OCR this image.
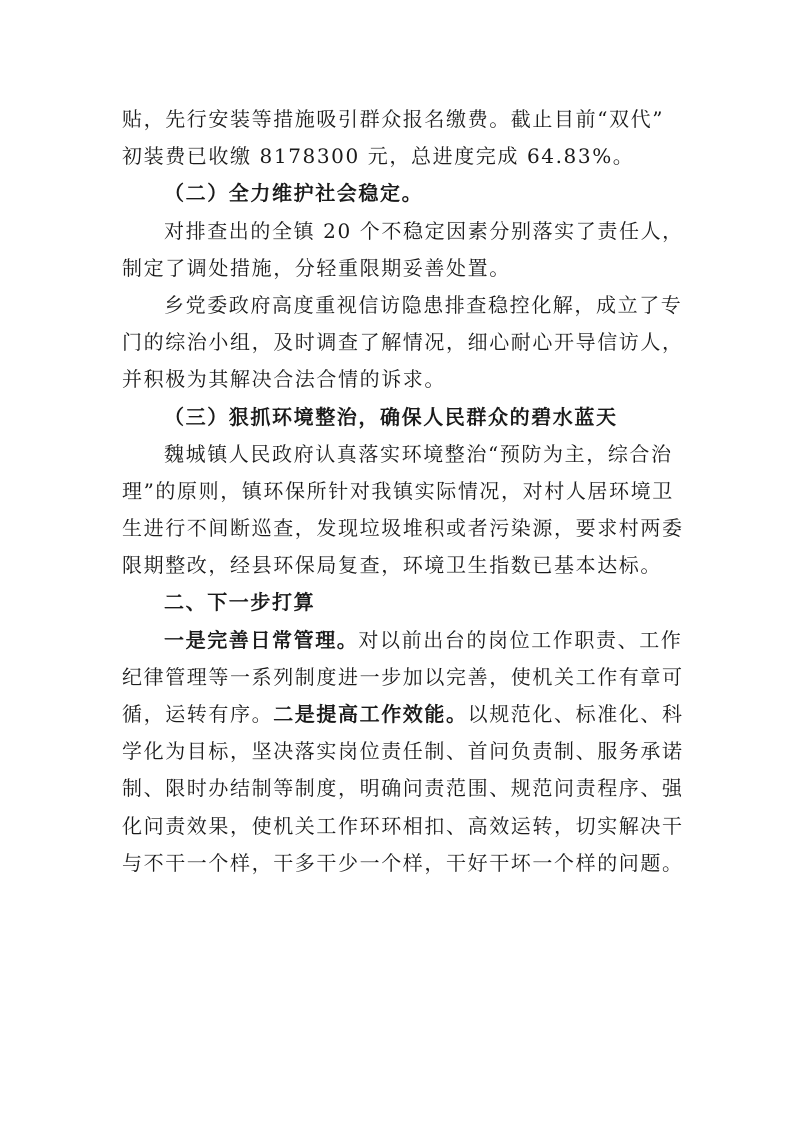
贴，先行安装等措施吸引群众报名缴费。截止目前“双代”
初装费已收缴 8178300 元，总进度完成 64.83%。
（二）全力维护社会稳定。
对排查出的全镇 20 个不稳定因素分别落实了责任人，
制定了调处措施，分轻重限期妥善处置。
乡党委政府高度重视信访隐患排查稳控化解，成立了专
门的综治小组，及时调查了解情况，细心耐心开导信访人，
并积极为其解决合法合情的诉求。
（三）狠抓环境整治，确保人民群众的碧水蓝天
魏城镇人民政府认真落实环境整治“预防为主，综合治
理”的原则，镇环保所针对我镇实际情况，对村人居环境卫
生进行不间断巡查，发现垃圾堆积或者污染源，要求村两委
限期整改，经县环保局复查，环境卫生指数已基本达标。
二、下一步打算
一是完善日常管理。对以前出台的岗位工作职责、工作
纪律管理等一系列制度进一步加以完善，使机关工作有章可
循，运转有序。二是提高工作效能。以规范化、标准化、科
学化为目标，坚决落实岗位责任制、首问负责制、服务承诺
制、限时办结制等制度，明确问责范围、规范问责程序、强
化问责效果，使机关工作环环相扣、高效运转，切实解决干
与不干一个样，干多干少一个样，干好干坏一个样的问题。
